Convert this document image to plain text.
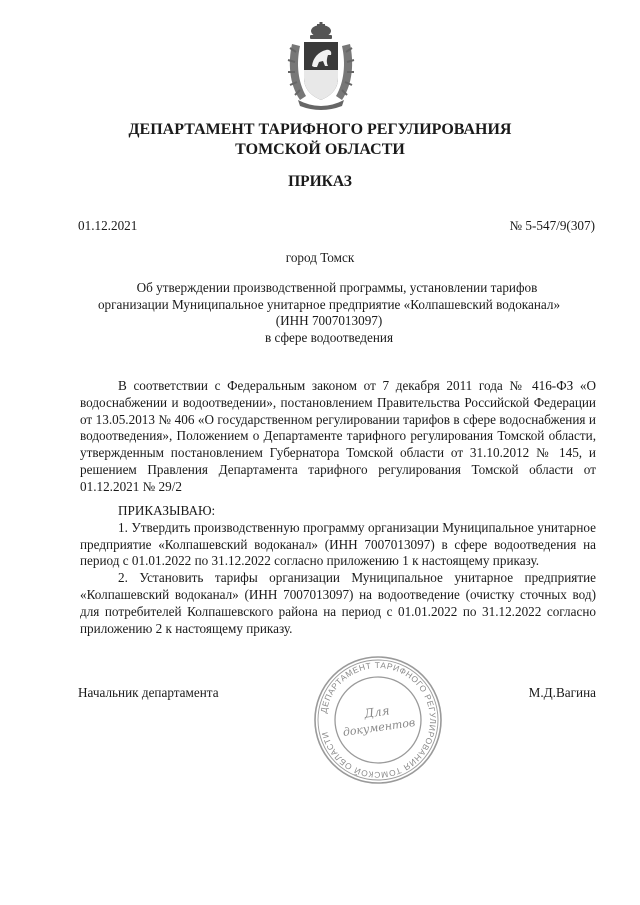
ДЕПАРТАМЕНТ ТАРИФНОГО РЕГУЛИРОВАНИЯ
ТОМСКОЙ ОБЛАСТИ
ПРИКАЗ
01.12.2021	№ 5-547/9(307)
город Томск
Об утверждении производственной программы, установлении тарифов
организации Муниципальное унитарное предприятие «Колпашевский водоканал»
(ИНН 7007013097)
в сфере водоотведения

В соответствии с Федеральным законом от 7 декабря 2011 года № 416-ФЗ «О водоснабжении и водоотведении», постановлением Правительства Российской Федерации от 13.05.2013 № 406 «О государственном регулировании тарифов в сфере водоснабжения и водоотведения», Положением о Департаменте тарифного регулирования Томской области, утвержденным постановлением Губернатора Томской области от 31.10.2012 № 145, и решением Правления Департамента тарифного регулирования Томской области от 01.12.2021 № 29/2

ПРИКАЗЫВАЮ:

1. Утвердить производственную программу организации Муниципальное унитарное предприятие «Колпашевский водоканал» (ИНН 7007013097) в сфере водоотведения на период с 01.01.2022 по 31.12.2022 согласно приложению 1 к настоящему приказу.

2. Установить тарифы организации Муниципальное унитарное предприятие «Колпашевский водоканал» (ИНН 7007013097) на водоотведение (очистку сточных вод) для потребителей Колпашевского района на период с 01.01.2022 по 31.12.2022 согласно приложению 2 к настоящему приказу.

Начальник департамента	М.Д.Вагина
ДЕПАРТАМЕНТ ТАРИФНОГО РЕГУЛИРОВАНИЯ ТОМСКОЙ ОБЛАСТИ
Для
документов
